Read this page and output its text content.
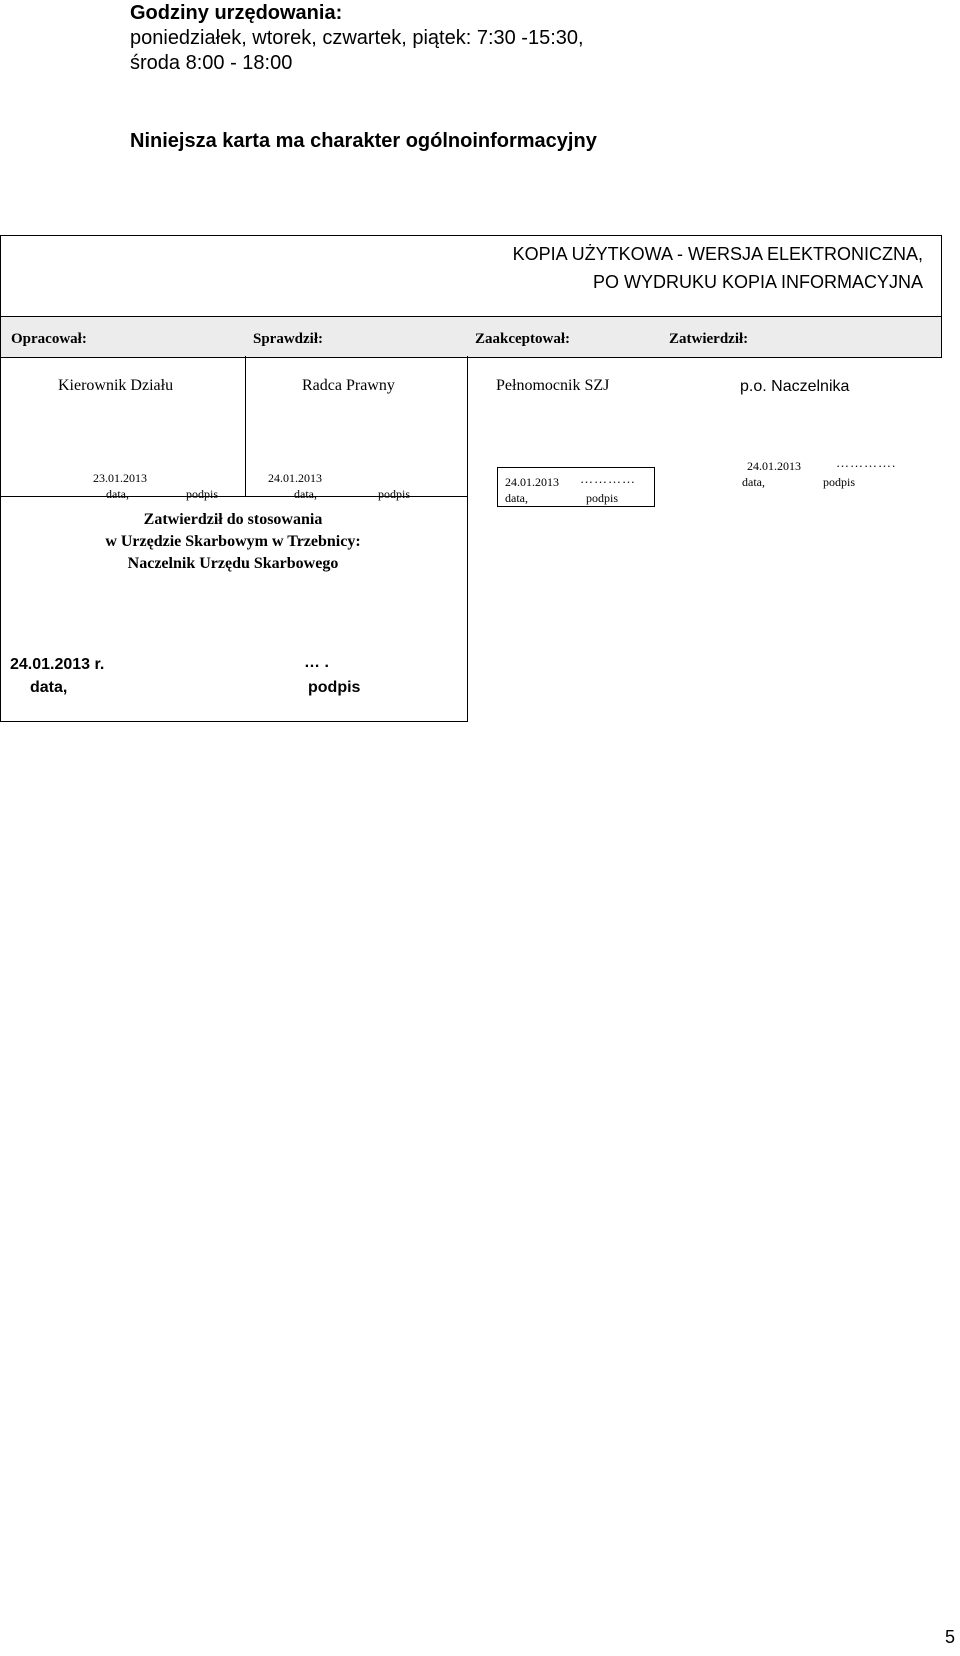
Godziny urzędowania:
poniedziałek, wtorek, czwartek, piątek: 7:30 -15:30,
środa 8:00 - 18:00
Niniejsza karta ma charakter ogólnoinformacyjny
KOPIA UŻYTKOWA - WERSJA ELEKTRONICZNA,
PO WYDRUKU KOPIA INFORMACYJNA
Opracował:	Sprawdził:	Zaakceptował:	Zatwierdził:
Kierownik Działu	Radca Prawny	Pełnomocnik SZJ	p.o. Naczelnika
23.01.2013
data,	podpis
24.01.2013
data,	podpis
24.01.2013 …………
data,	podpis
24.01.2013	………….
data,	podpis
Zatwierdził do stosowania
w Urzędzie Skarbowym w Trzebnicy:
Naczelnik Urzędu Skarbowego
24.01.2013 r.	… .
data,	podpis
5
